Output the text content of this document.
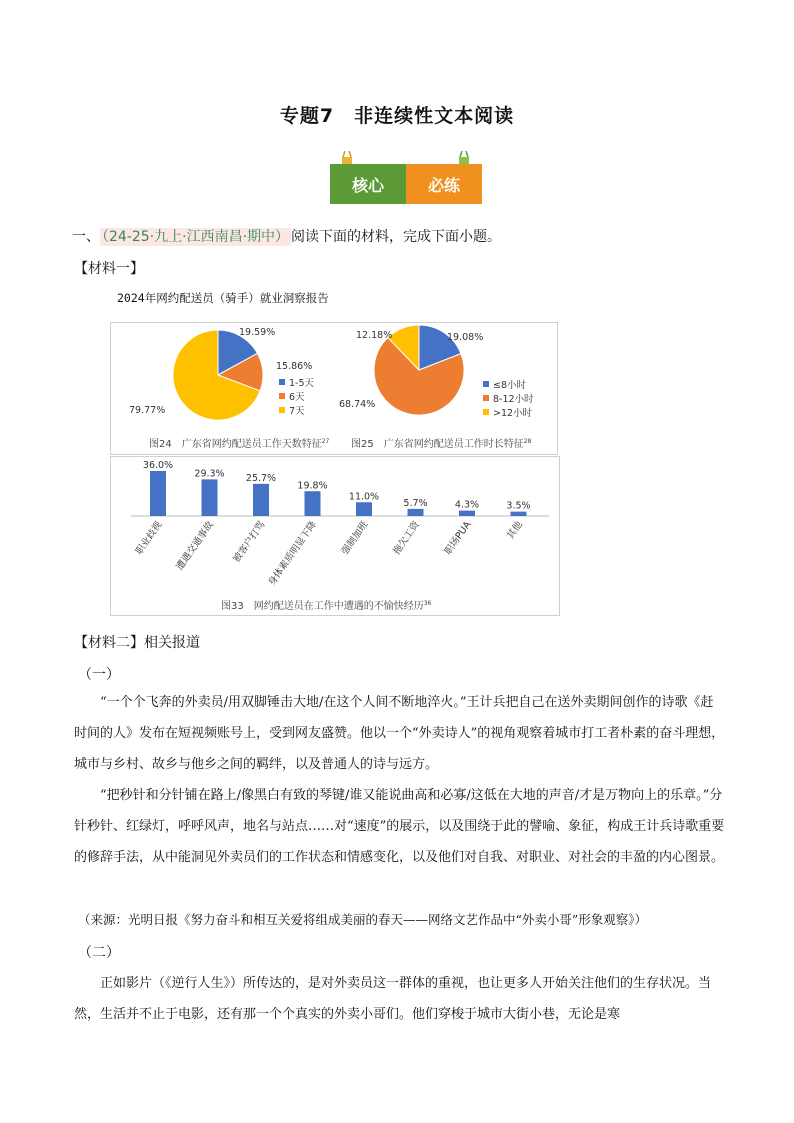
专题7　非连续性文本阅读
核心	必练
一、 （24-25·九上·江西南昌·期中） 阅读下面的材料，完成下面小题。
【材料一】
2024年网约配送员（骑手）就业洞察报告
19.59%
1-5天
15.86%
6天
79.77%	7天
图24　广东省网约配送员工作天数特征$^{27}$
19.08%
≤8小时
68.74%	8-12小时
12.18%
>12小时
图25　广东省网约配送员工作时长特征$^{28}$
36.0%
职业歧视
29.3%
遭遇交通事故
25.7%
被客户打骂
19.8%
身体素质明显下降
11.0%
强制加班
5.7%
拖欠工资
4.3%
职场PUA
3.5%
其他
图33　网约配送员在工作中遭遇的不愉快经历$^{36}$
【材料二】相关报道
（一）

“一个个飞奔的外卖员/用双脚锤击大地/在这个人间不断地淬火。”王计兵把自己在送外卖期间创作的诗歌《赶时间的人》发布在短视频账号上，受到网友盛赞。他以一个“外卖诗人”的视角观察着城市打工者朴素的奋斗理想，城市与乡村、故乡与他乡之间的羁绊，以及普通人的诗与远方。

“把秒针和分针铺在路上/像黑白有致的琴键/谁又能说曲高和必寡/这低在大地的声音/才是万物向上的乐章。”分针秒针、红绿灯，呼呼风声，地名与站点……对“速度”的展示，以及围绕于此的譬喻、象征，构成王计兵诗歌重要的修辞手法，从中能洞见外卖员们的工作状态和情感变化，以及他们对自我、对职业、对社会的丰盈的内心图景。

（来源：光明日报《努力奋斗和相互关爱将组成美丽的春天——网络文艺作品中“外卖小哥”形象观察》）
（二）

正如影片（《逆行人生》）所传达的，是对外卖员这一群体的重视，也让更多人开始关注他们的生存状况。当然，生活并不止于电影，还有那一个个真实的外卖小哥们。他们穿梭于城市大街小巷，无论是寒
